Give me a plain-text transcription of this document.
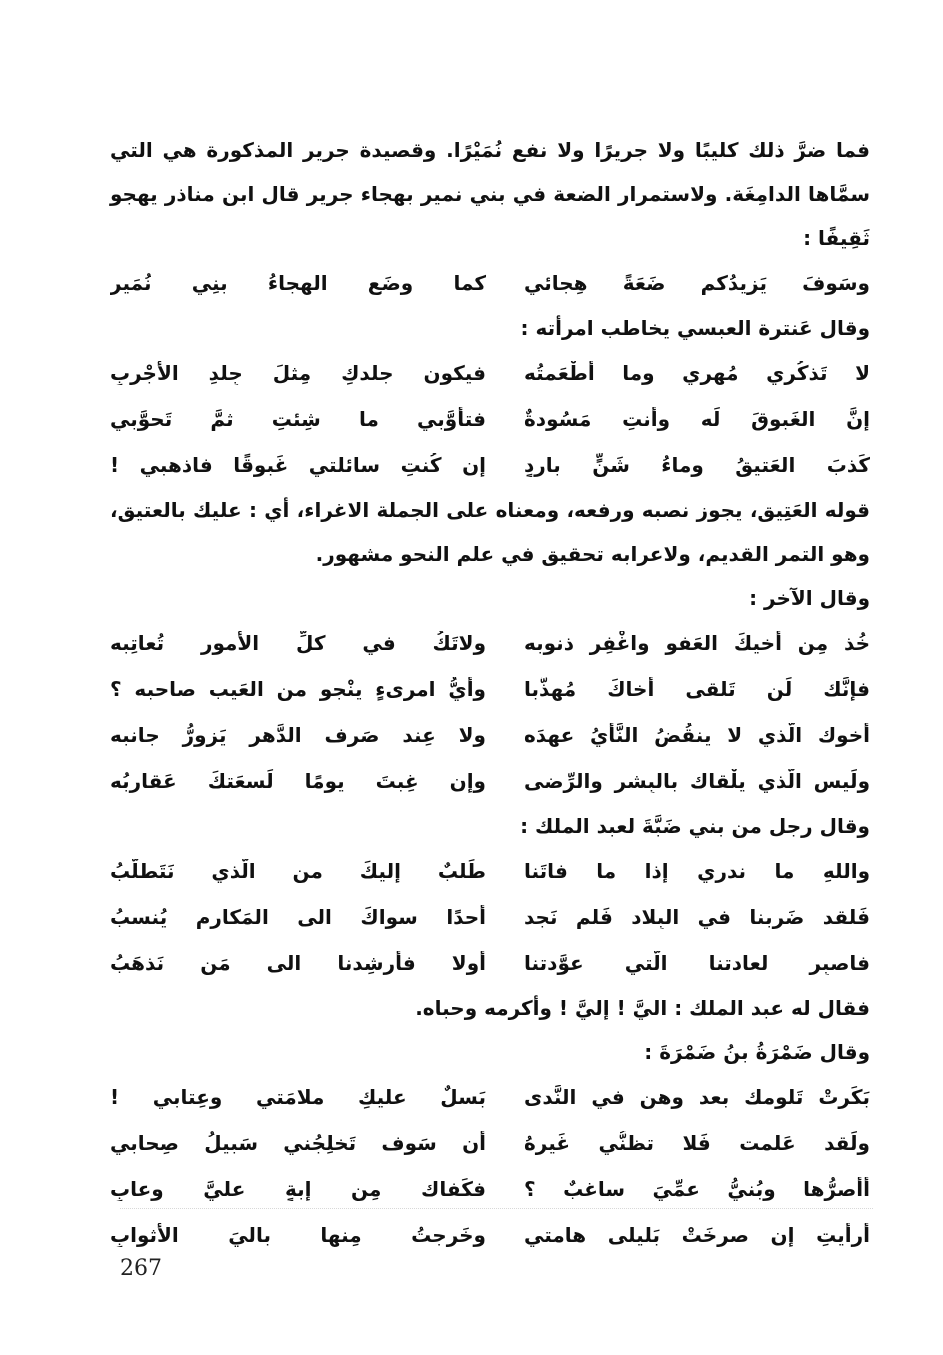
فما ضرَّ ذلك كليبًا ولا جريرًا ولا نفع نُمَيْرًا. وقصيدة جرير المذكورة هي التي سمَّاها الدامِغَة. ولاستمرار الضعة في بني نمير بهجاء جرير قال ابن مناذر يهجو ثَقِيفًا :

وسَوفَ يَزيدُكم ضَعَةً هِجائي
كما وضَع الهِجاءُ بنِي نُمَيرِ

وقال عَنترة العبسي يخاطب امرأته :

لا تَذكُري مُهري وما أطْعَمتُه
فيكون جلدكِ مِثلَ جِلدِ الأجْربِ
إنَّ الغَبوقَ لَه وأنتِ مَسُودةٌ
فتأوَّبي ما شِئتِ ثمَّ تَحوَّبي
كَذبَ العَتيقُ وماءُ شَنٍّ باردٍ
إن كُنتِ سائلتي غَبوقًا فاذهبي !

قوله العَتِيق، يجوز نصبه ورفعه، ومعناه على الجملة الاغراء، أي : عليك بالعتيق، وهو التمر القديم، ولاعرابه تحقيق في علم النحو مشهور.

وقال الآخر :

خُذ مِن أخيكَ العَفو واغْفِر ذنوبه
ولاتَكُ في كلِّ الأمورِ تُعاتِبه
فإنَّك لَن تَلقى أخاكَ مُهذَّبا
وأيُّ امرىءٍ ينْجو من العَيب صاحبه ؟
أخوك الَّذي لا ينقُضُ النَّأيُ عهدَه
ولا عِند صَرف الدَّهر يَزورُّ جانبه
ولَيس الَّذي يلْقاك بالبِشر والرِّضى
وإن غِبتَ يومًا لَسعَتكَ عَقاربُه

وقال رجل من بني ضَبَّةَ لعبد الملك :

واللهِ ما ندري إذا ما فاتَنا
طَلبٌ إليكَ من الَّذي نَتَطلَّبُ
فَلقد ضَربنا في البِلاد فَلم نَجد
أحدًا سواكَ الى المَكارمِ يُنسبُ
فاصبِر لعادتنا الَّتي عوَّدتنا
أولا فأرشِدنا الى مَن نَذهَبُ

فقال له عبد الملك : اليَّ ! إليَّ ! وأكرمه وحباه.

وقال ضَمْرَةُ بنُ ضَمْرَةَ :

بَكَرتْ تَلومك بعد وهنٍ في النَّدى
بَسلٌ عليكِ ملامَتي وعِتابي !
ولَقد عَلمت فَلا تظنُّي غَيرهُ
أن سَوف تَخلِجُني سَبيلُ صِحابي
أأصرُّها وبُنيُّ عمِّيَ ساغبٌ ؟
فكَفاك مِن إبةٍ عليَّ وعابِ
أرأيتِ إن صرخَتْ بَليلى هامتي
وخَرجتُ مِنها باليَ الأثوابِ
267
